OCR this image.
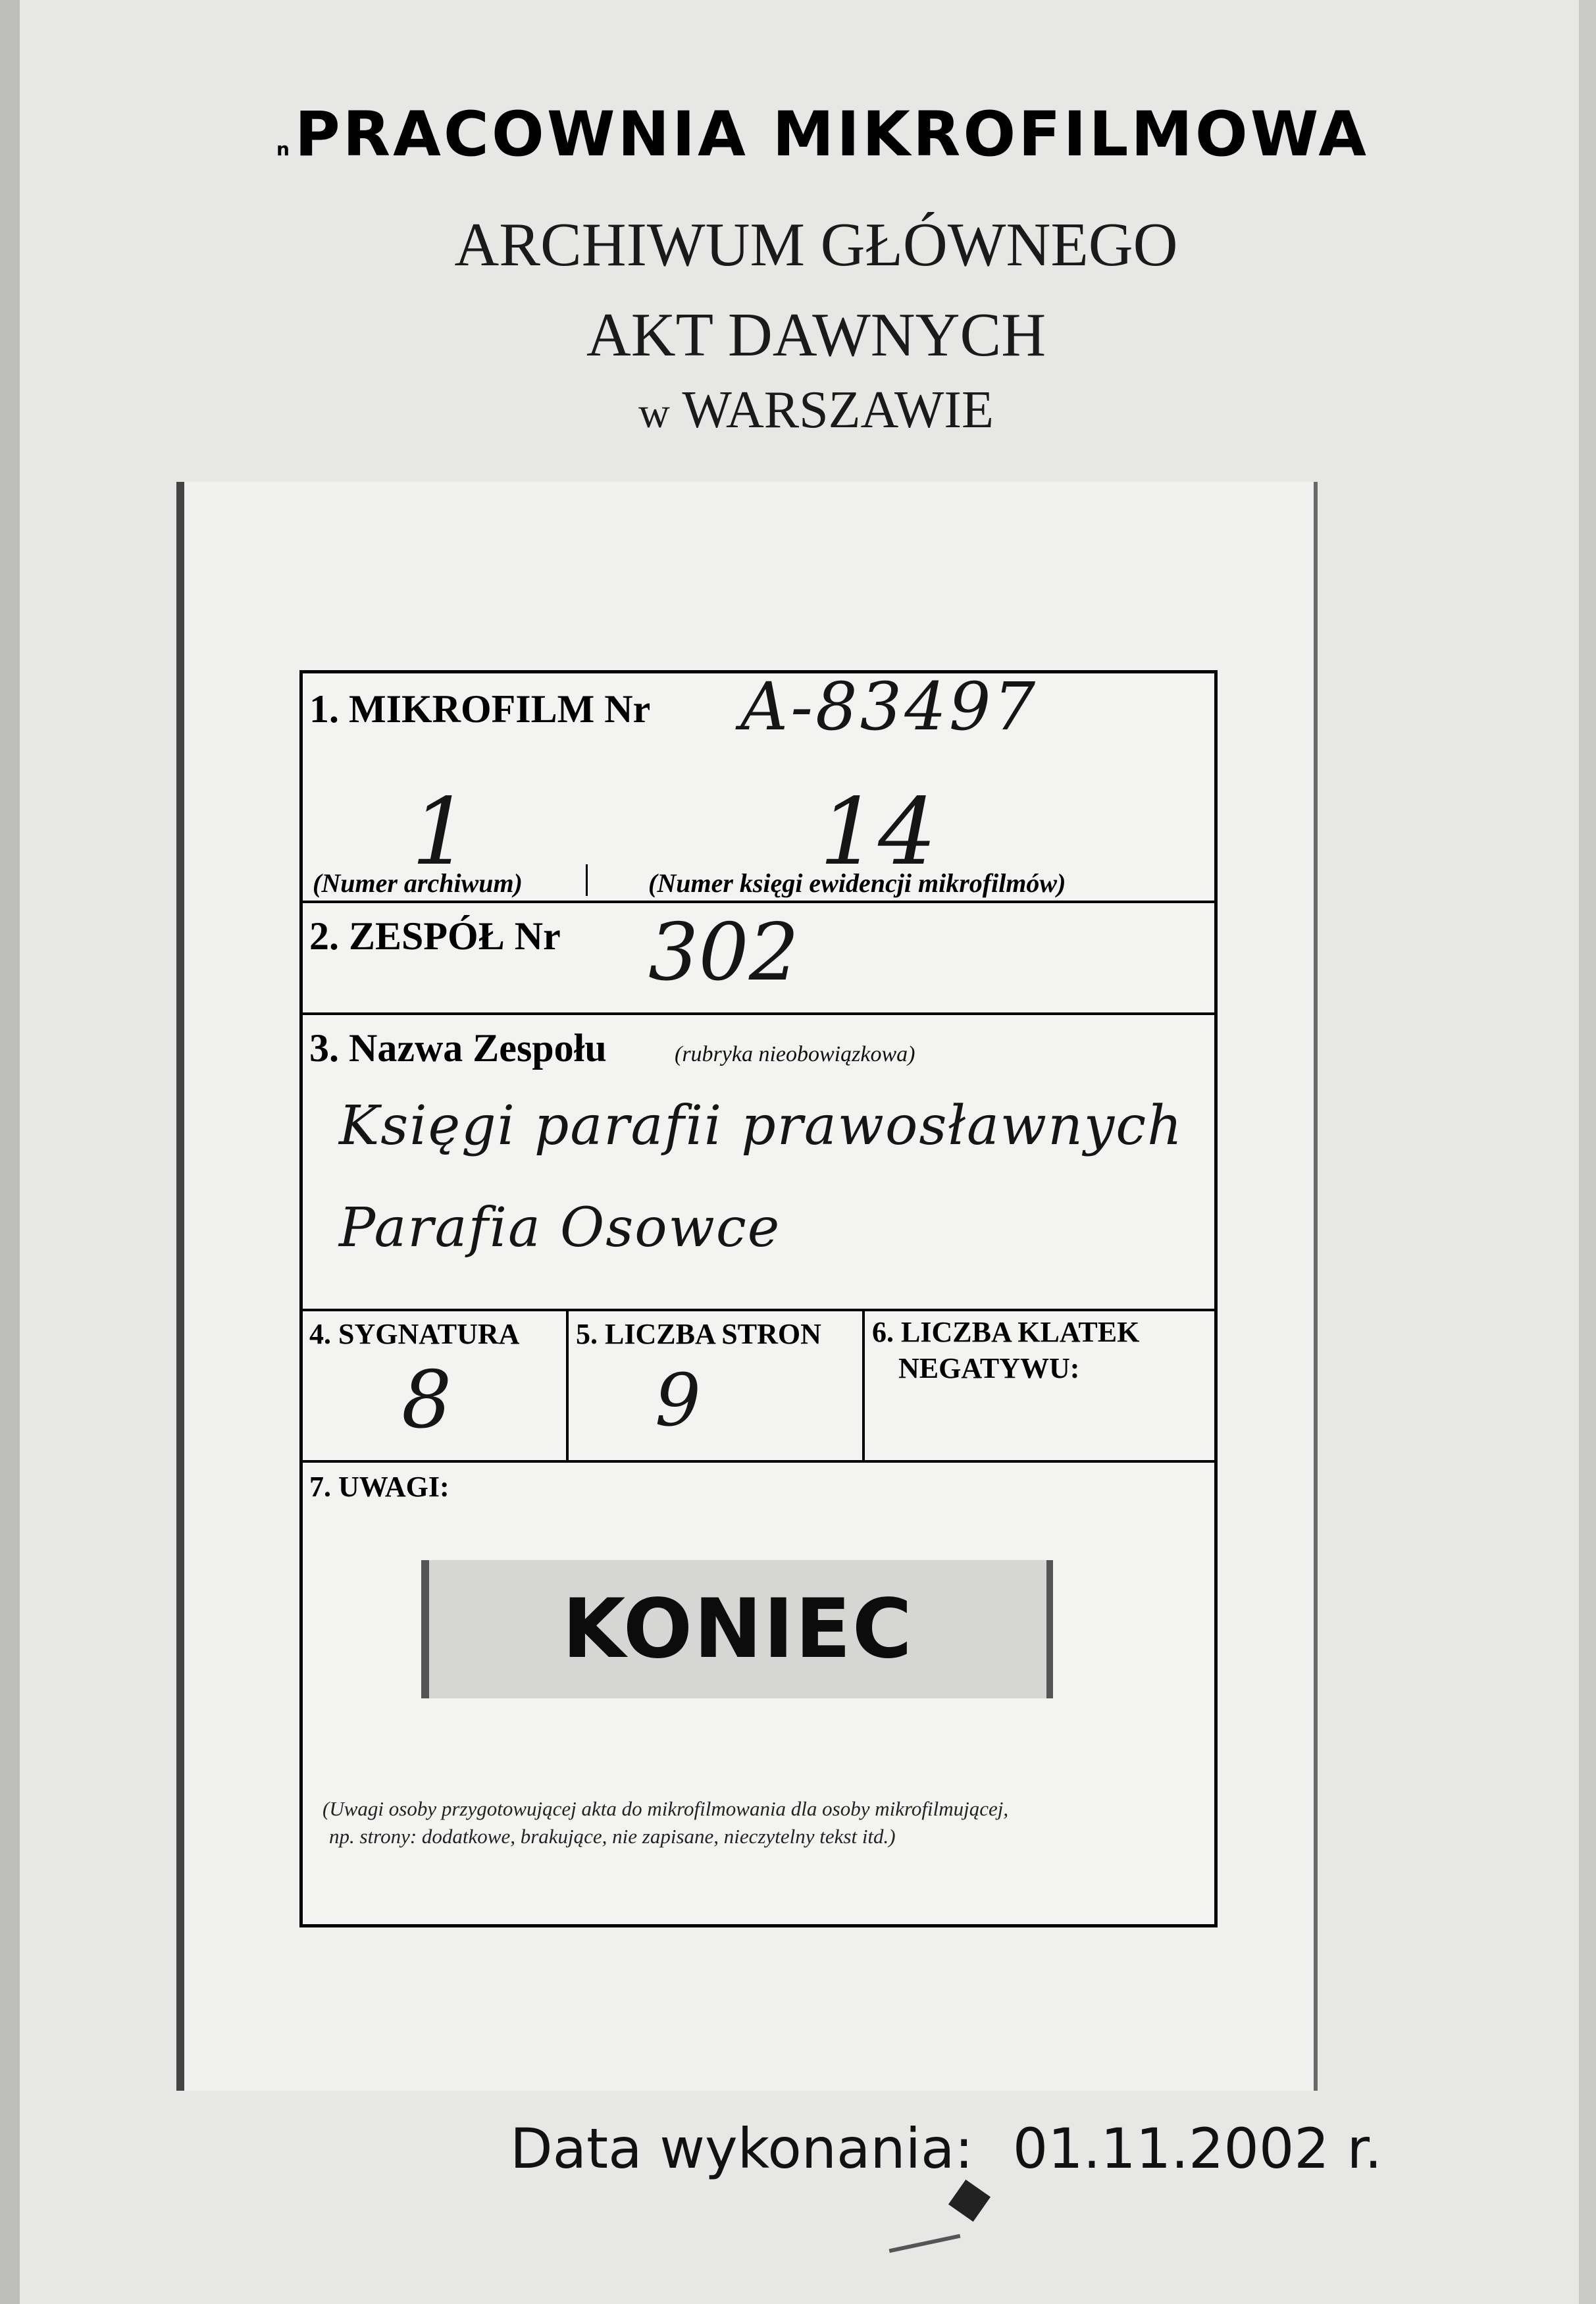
nPRACOWNIA MIKROFILMOWA
ARCHIWUM GŁÓWNEGO
AKT DAWNYCH
w WARSZAWIE
1. MIKROFILM Nr A-83497
1	14
(Numer archiwum)	(Numer księgi ewidencji mikrofilmów)
2. ZESPÓŁ Nr 302
3. Nazwa Zespołu	(rubryka nieobowiązkowa)
Księgi parafii prawosławnych
Parafia Osowce
4. SYGNATURA
8
5. LICZBA STRON
9
6. LICZBA KLATEK
NEGATYWU:
7. UWAGI:
KONIEC
(Uwagi osoby przygotowującej akta do mikrofilmowania dla osoby mikrofilmującej,
np. strony: dodatkowe, brakujące, nie zapisane, nieczytelny tekst itd.)
Data wykonania: 01.11.2002 r.
